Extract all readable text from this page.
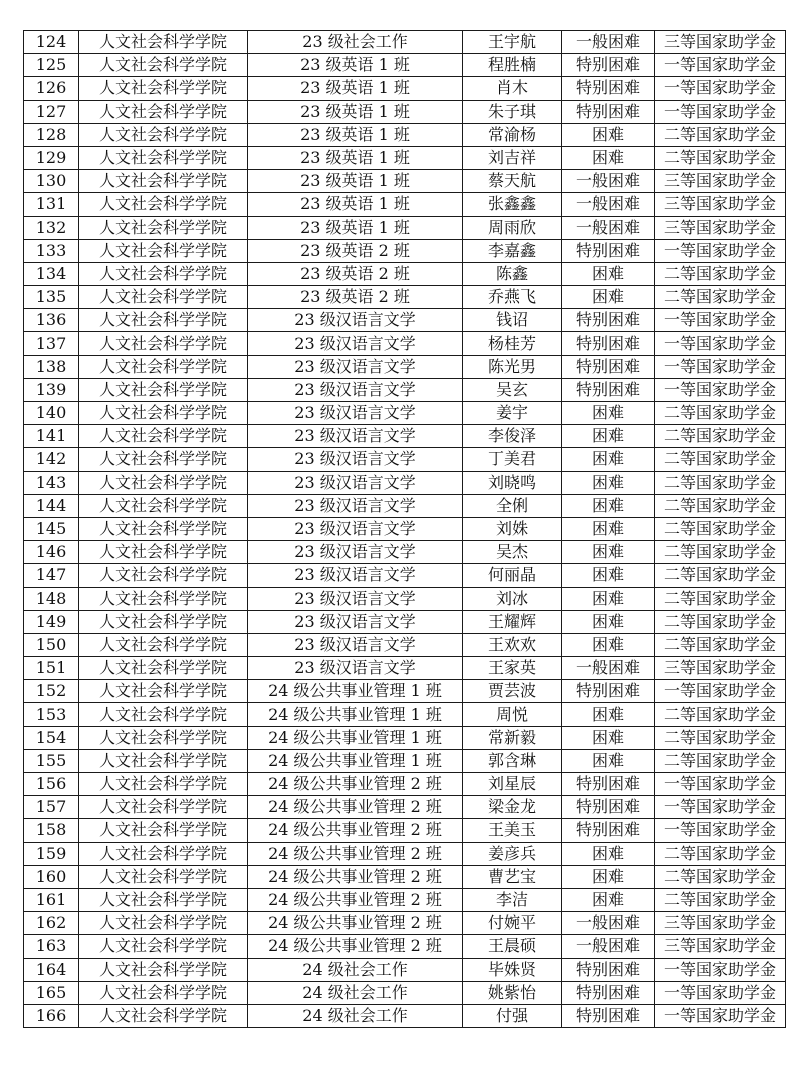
124	人文社会科学学院	23 级社会工作	王宇航	一般困难	三等国家助学金
125	人文社会科学学院	23 级英语 1 班	程胜楠	特别困难	一等国家助学金
126	人文社会科学学院	23 级英语 1 班	肖木	特别困难	一等国家助学金
127	人文社会科学学院	23 级英语 1 班	朱子琪	特别困难	一等国家助学金
128	人文社会科学学院	23 级英语 1 班	常渝杨	困难	二等国家助学金
129	人文社会科学学院	23 级英语 1 班	刘吉祥	困难	二等国家助学金
130	人文社会科学学院	23 级英语 1 班	蔡天航	一般困难	三等国家助学金
131	人文社会科学学院	23 级英语 1 班	张鑫鑫	一般困难	三等国家助学金
132	人文社会科学学院	23 级英语 1 班	周雨欣	一般困难	三等国家助学金
133	人文社会科学学院	23 级英语 2 班	李嘉鑫	特别困难	一等国家助学金
134	人文社会科学学院	23 级英语 2 班	陈鑫	困难	二等国家助学金
135	人文社会科学学院	23 级英语 2 班	乔燕飞	困难	二等国家助学金
136	人文社会科学学院	23 级汉语言文学	钱诏	特别困难	一等国家助学金
137	人文社会科学学院	23 级汉语言文学	杨桂芳	特别困难	一等国家助学金
138	人文社会科学学院	23 级汉语言文学	陈光男	特别困难	一等国家助学金
139	人文社会科学学院	23 级汉语言文学	吴玄	特别困难	一等国家助学金
140	人文社会科学学院	23 级汉语言文学	姜宇	困难	二等国家助学金
141	人文社会科学学院	23 级汉语言文学	李俊泽	困难	二等国家助学金
142	人文社会科学学院	23 级汉语言文学	丁美君	困难	二等国家助学金
143	人文社会科学学院	23 级汉语言文学	刘晓鸣	困难	二等国家助学金
144	人文社会科学学院	23 级汉语言文学	全俐	困难	二等国家助学金
145	人文社会科学学院	23 级汉语言文学	刘姝	困难	二等国家助学金
146	人文社会科学学院	23 级汉语言文学	吴杰	困难	二等国家助学金
147	人文社会科学学院	23 级汉语言文学	何丽晶	困难	二等国家助学金
148	人文社会科学学院	23 级汉语言文学	刘冰	困难	二等国家助学金
149	人文社会科学学院	23 级汉语言文学	王耀辉	困难	二等国家助学金
150	人文社会科学学院	23 级汉语言文学	王欢欢	困难	二等国家助学金
151	人文社会科学学院	23 级汉语言文学	王家英	一般困难	三等国家助学金
152	人文社会科学学院	24 级公共事业管理 1 班	贾芸波	特别困难	一等国家助学金
153	人文社会科学学院	24 级公共事业管理 1 班	周悦	困难	二等国家助学金
154	人文社会科学学院	24 级公共事业管理 1 班	常新毅	困难	二等国家助学金
155	人文社会科学学院	24 级公共事业管理 1 班	郭含琳	困难	二等国家助学金
156	人文社会科学学院	24 级公共事业管理 2 班	刘星辰	特别困难	一等国家助学金
157	人文社会科学学院	24 级公共事业管理 2 班	梁金龙	特别困难	一等国家助学金
158	人文社会科学学院	24 级公共事业管理 2 班	王美玉	特别困难	一等国家助学金
159	人文社会科学学院	24 级公共事业管理 2 班	姜彦兵	困难	二等国家助学金
160	人文社会科学学院	24 级公共事业管理 2 班	曹艺宝	困难	二等国家助学金
161	人文社会科学学院	24 级公共事业管理 2 班	李洁	困难	二等国家助学金
162	人文社会科学学院	24 级公共事业管理 2 班	付婉平	一般困难	三等国家助学金
163	人文社会科学学院	24 级公共事业管理 2 班	王晨硕	一般困难	三等国家助学金
164	人文社会科学学院	24 级社会工作	毕姝贤	特别困难	一等国家助学金
165	人文社会科学学院	24 级社会工作	姚紫怡	特别困难	一等国家助学金
166	人文社会科学学院	24 级社会工作	付强	特别困难	一等国家助学金
